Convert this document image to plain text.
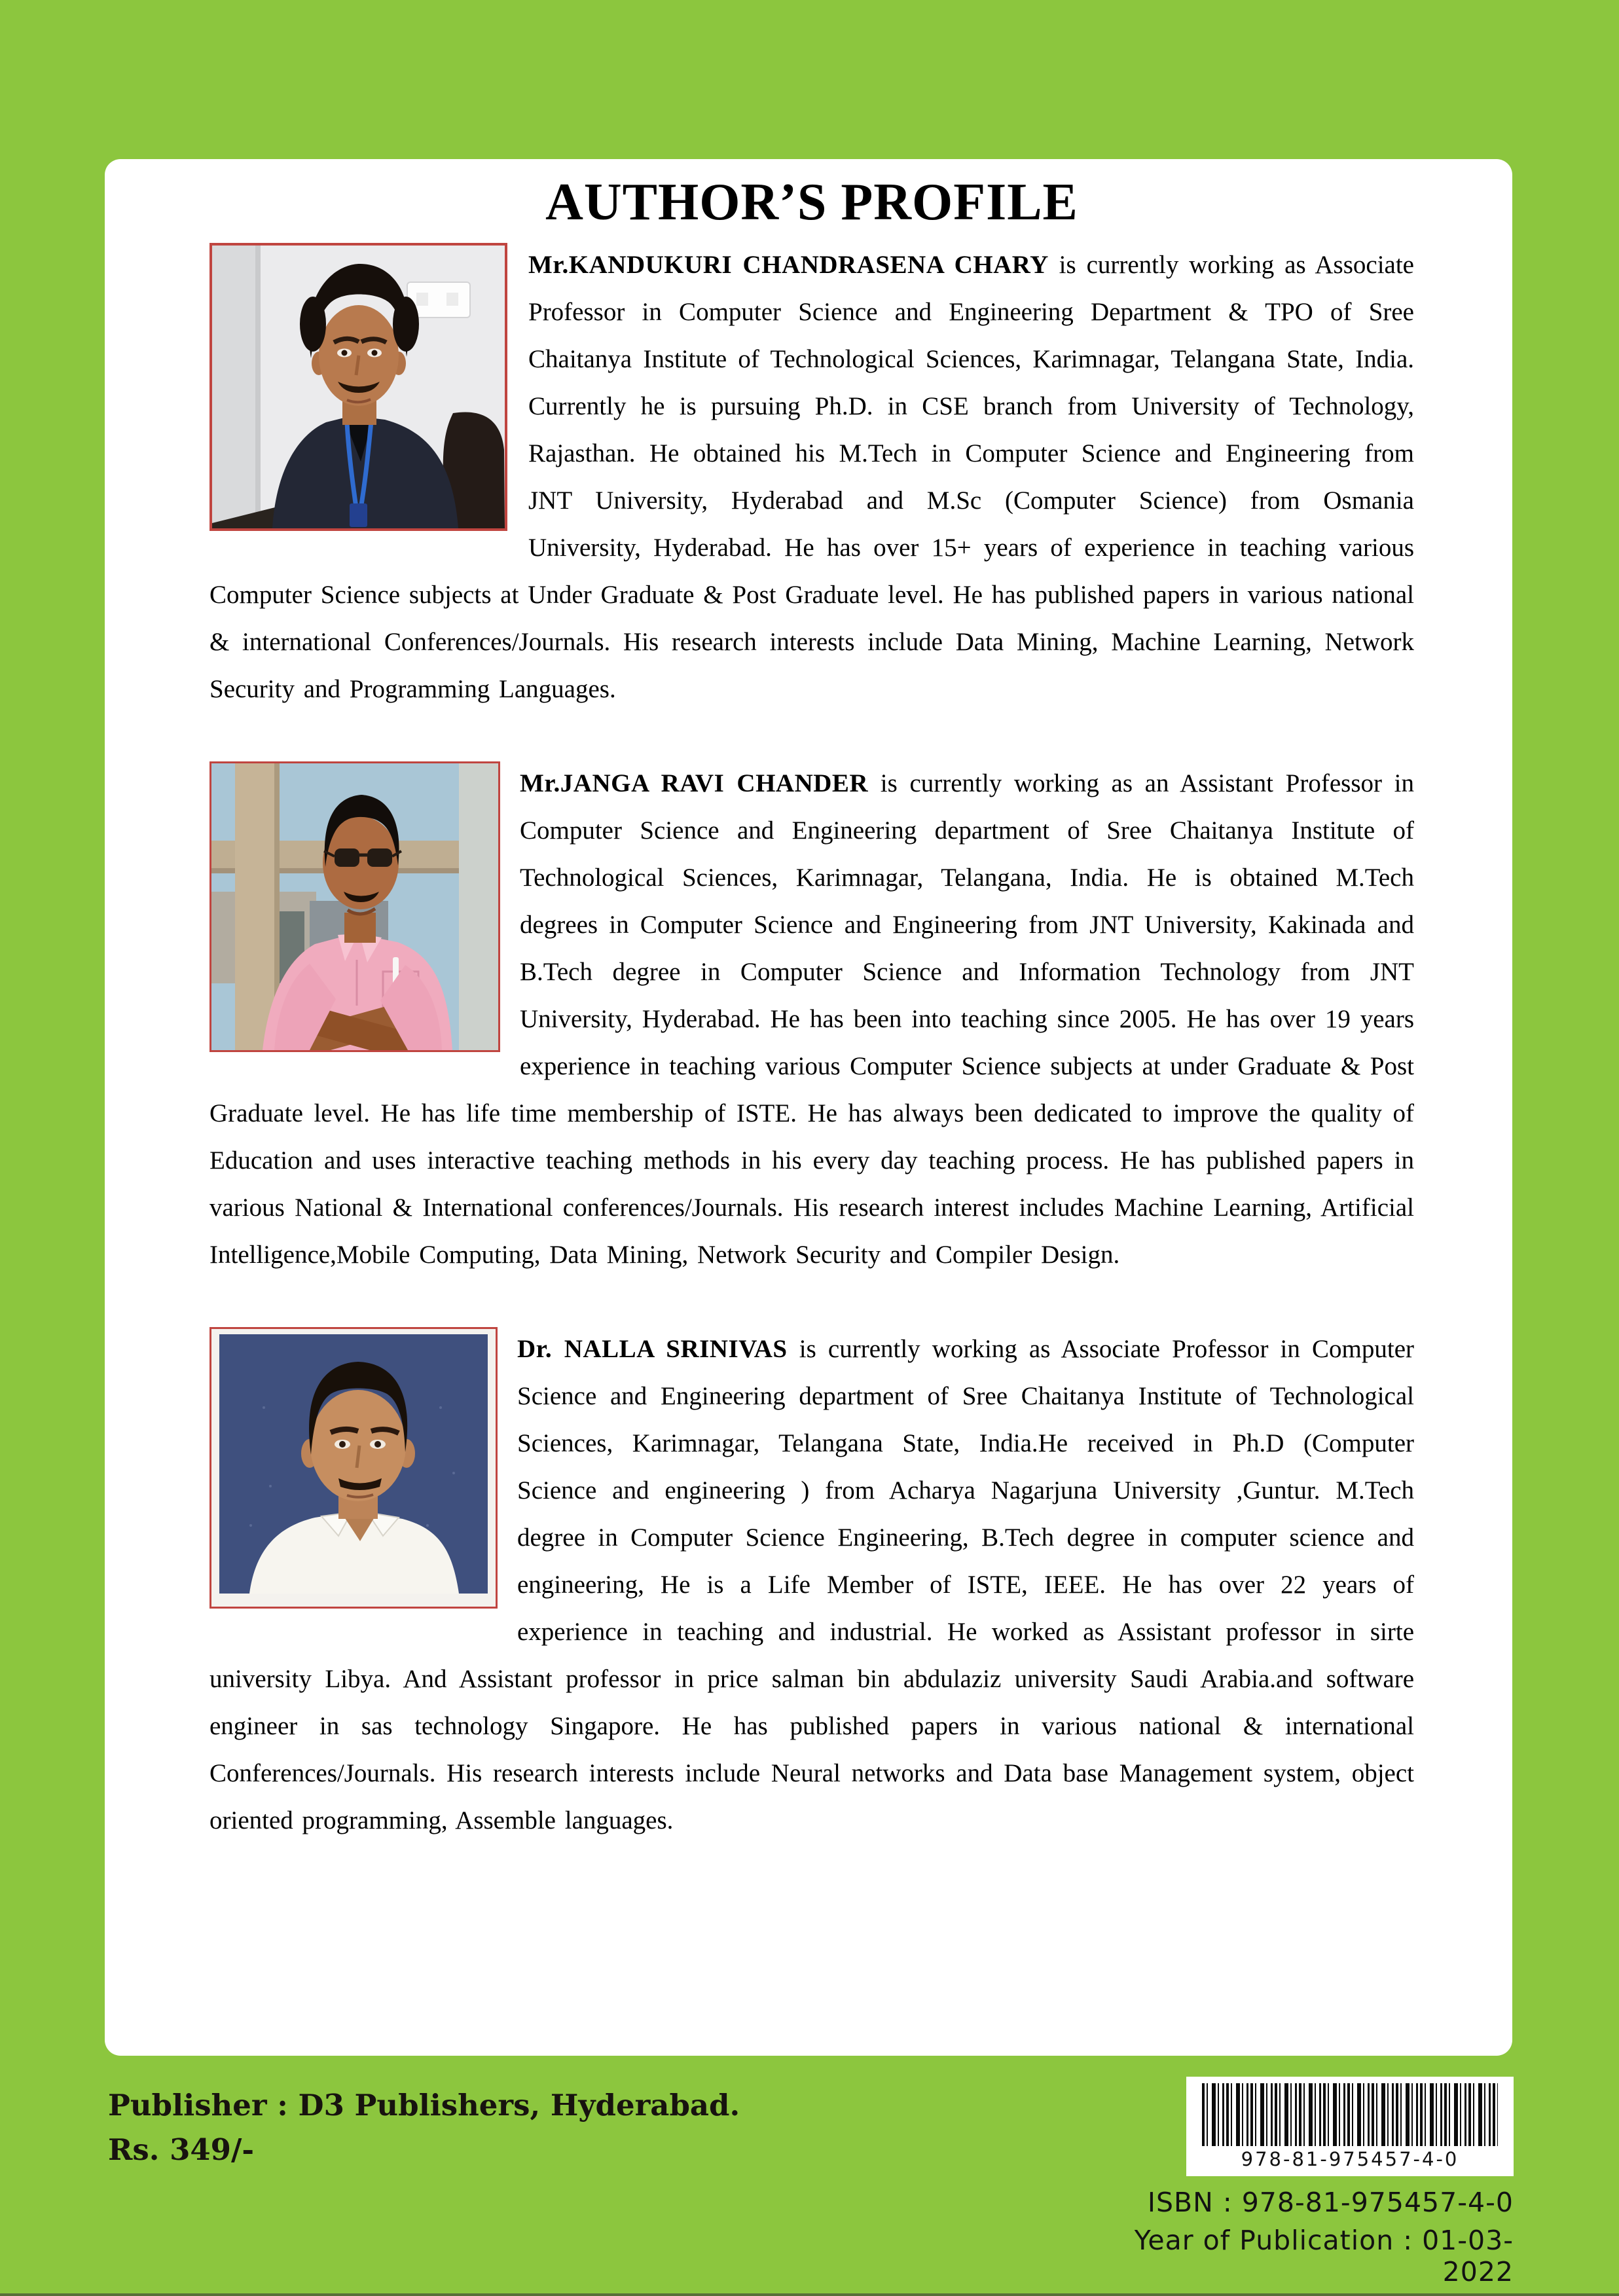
AUTHOR’S PROFILE

Mr.KANDUKURI CHANDRASENA CHARY is currently working as Associate Professor in Computer Science and Engineering Department & TPO of Sree Chaitanya Institute of Technological Sciences, Karimnagar, Telangana State, India. Currently he is pursuing Ph.D. in CSE branch from University of Technology, Rajasthan. He obtained his M.Tech in Computer Science and Engineering from JNT University, Hyderabad and M.Sc (Computer Science) from Osmania University, Hyderabad. He has over 15+ years of experience in teaching various Computer Science subjects at Under Graduate & Post Graduate level. He has published papers in various national & international Conferences/Journals. His research interests include Data Mining, Machine Learning, Network Security and Programming Languages.

Mr.JANGA RAVI CHANDER is currently working as an Assistant Professor in Computer Science and Engineering department of Sree Chaitanya Institute of Technological Sciences, Karimnagar, Telangana, India. He is obtained M.Tech degrees in Computer Science and Engineering from JNT University, Kakinada and B.Tech degree in Computer Science and Information Technology from JNT University, Hyderabad. He has been into teaching since 2005. He has over 19 years experience in teaching various Computer Science subjects at under Graduate & Post Graduate level. He has life time membership of ISTE. He has always been dedicated to improve the quality of Education and uses interactive teaching methods in his every day teaching process. He has published papers in various National & International conferences/Journals. His research interest includes Machine Learning, Artificial Intelligence,Mobile Computing, Data Mining, Network Security and Compiler Design.

Dr. NALLA SRINIVAS is currently working as Associate Professor in Computer Science and Engineering department of Sree Chaitanya Institute of Technological Sciences, Karimnagar, Telangana State, India.He received in Ph.D (Computer Science and engineering ) from Acharya Nagarjuna University ,Guntur. M.Tech degree in Computer Science Engineering, B.Tech degree in computer science and engineering, He is a Life Member of ISTE, IEEE. He has over 22 years of experience in teaching and industrial. He worked as Assistant professor in sirte university Libya. And Assistant professor in price salman bin abdulaziz university Saudi Arabia.and software engineer in sas technology Singapore. He has published papers in various national & international Conferences/Journals. His research interests include Neural networks and Data base Management system, object oriented programming, Assemble languages.

Publisher : D3 Publishers, Hyderabad.
Rs. 349/-	978-81-975457-4-0
ISBN : 978-81-975457-4-0
Year of Publication : 01-03-2022
